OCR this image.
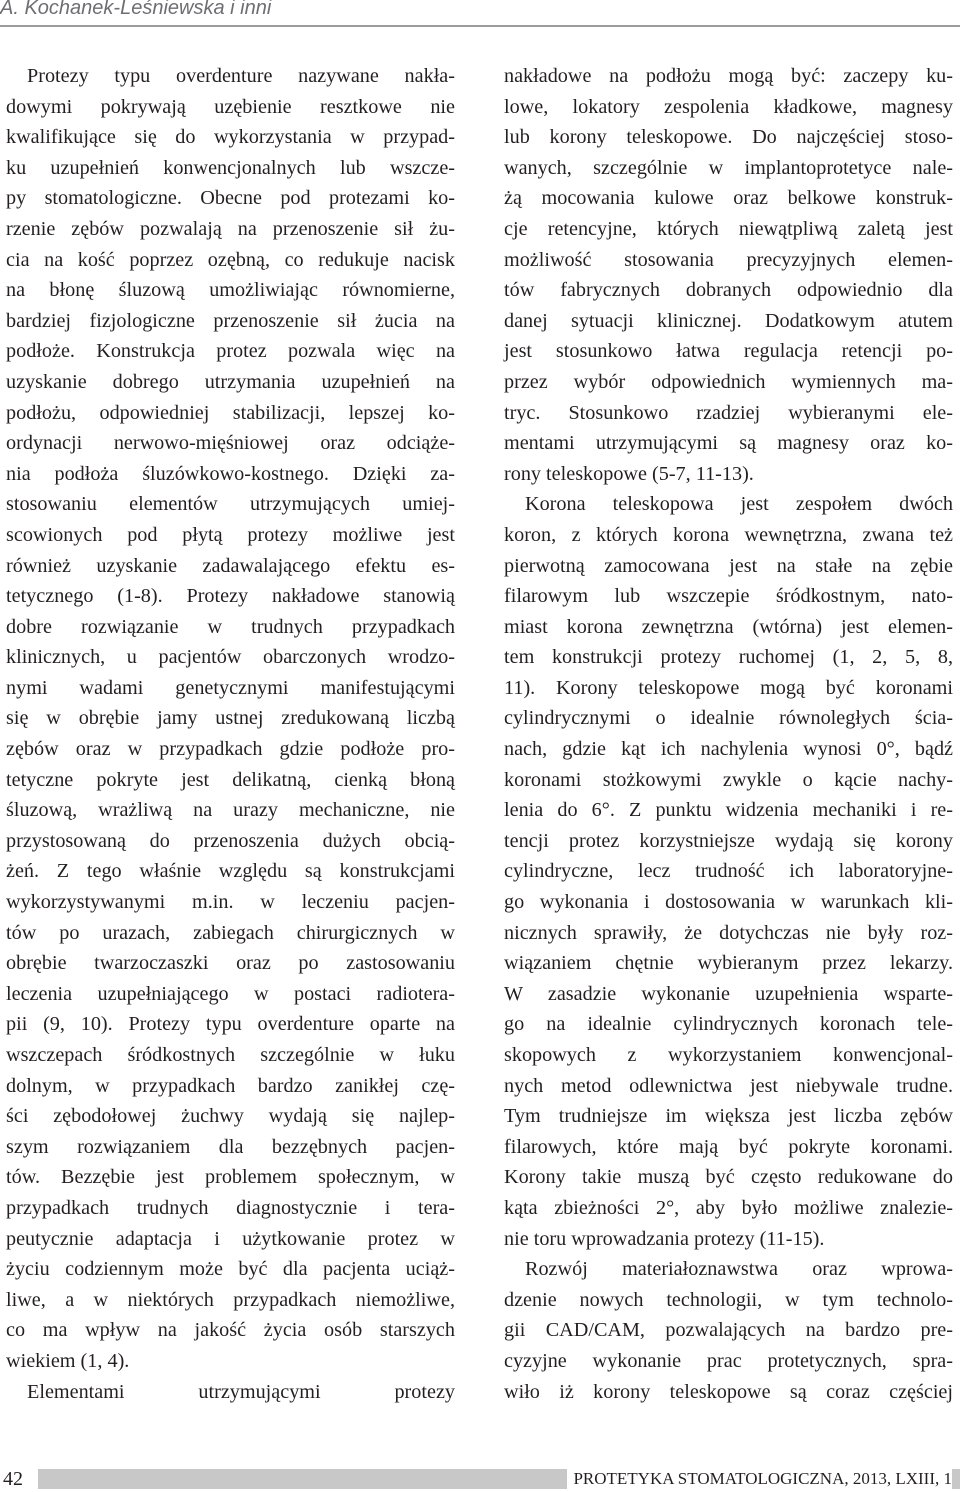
A. Kochanek-Leśniewska i inni
Protezy typu overdenture nazywane nakła-
dowymi pokrywają uzębienie resztkowe nie
kwalifikujące się do wykorzystania w przypad-
ku uzupełnień konwencjonalnych lub wszcze-
py stomatologiczne. Obecne pod protezami ko-
rzenie zębów pozwalają na przenoszenie sił żu-
cia na kość poprzez ozębną, co redukuje nacisk
na błonę śluzową umożliwiając równomierne,
bardziej fizjologiczne przenoszenie sił żucia na
podłoże. Konstrukcja protez pozwala więc na
uzyskanie dobrego utrzymania uzupełnień na
podłożu, odpowiedniej stabilizacji, lepszej ko-
ordynacji nerwowo-mięśniowej oraz odciąże-
nia podłoża śluzówkowo-kostnego. Dzięki za-
stosowaniu elementów utrzymujących umiej-
scowionych pod płytą protezy możliwe jest
również uzyskanie zadawalającego efektu es-
tetycznego (1-8). Protezy nakładowe stanowią
dobre rozwiązanie w trudnych przypadkach
klinicznych, u pacjentów obarczonych wrodzo-
nymi wadami genetycznymi manifestującymi
się w obrębie jamy ustnej zredukowaną liczbą
zębów oraz w przypadkach gdzie podłoże pro-
tetyczne pokryte jest delikatną, cienką błoną
śluzową, wrażliwą na urazy mechaniczne, nie
przystosowaną do przenoszenia dużych obcią-
żeń. Z tego właśnie względu są konstrukcjami
wykorzystywanymi m.in. w leczeniu pacjen-
tów po urazach, zabiegach chirurgicznych w
obrębie twarzoczaszki oraz po zastosowaniu
leczenia uzupełniającego w postaci radiotera-
pii (9, 10). Protezy typu overdenture oparte na
wszczepach śródkostnych szczególnie w łuku
dolnym, w przypadkach bardzo zanikłej czę-
ści zębodołowej żuchwy wydają się najlep-
szym rozwiązaniem dla bezzębnych pacjen-
tów. Bezzębie jest problemem społecznym, w
przypadkach trudnych diagnostycznie i tera-
peutycznie adaptacja i użytkowanie protez w
życiu codziennym może być dla pacjenta uciąż-
liwe, a w niektórych przypadkach niemożliwe,
co ma wpływ na jakość życia osób starszych
wiekiem (1, 4).
Elementami utrzymującymi protezy
nakładowe na podłożu mogą być: zaczepy ku-
lowe, lokatory zespolenia kładkowe, magnesy
lub korony teleskopowe. Do najczęściej stoso-
wanych, szczególnie w implantoprotetyce nale-
żą mocowania kulowe oraz belkowe konstruk-
cje retencyjne, których niewątpliwą zaletą jest
możliwość stosowania precyzyjnych elemen-
tów fabrycznych dobranych odpowiednio dla
danej sytuacji klinicznej. Dodatkowym atutem
jest stosunkowo łatwa regulacja retencji po-
przez wybór odpowiednich wymiennych ma-
tryc. Stosunkowo rzadziej wybieranymi ele-
mentami utrzymującymi są magnesy oraz ko-
rony teleskopowe (5-7, 11-13).
Korona teleskopowa jest zespołem dwóch
koron, z których korona wewnętrzna, zwana też
pierwotną zamocowana jest na stałe na zębie
filarowym lub wszczepie śródkostnym, nato-
miast korona zewnętrzna (wtórna) jest elemen-
tem konstrukcji protezy ruchomej (1, 2, 5, 8,
11). Korony teleskopowe mogą być koronami
cylindrycznymi o idealnie równoległych ścia-
nach, gdzie kąt ich nachylenia wynosi 0°, bądź
koronami stożkowymi zwykle o kącie nachy-
lenia do 6°. Z punktu widzenia mechaniki i re-
tencji protez korzystniejsze wydają się korony
cylindryczne, lecz trudność ich laboratoryjne-
go wykonania i dostosowania w warunkach kli-
nicznych sprawiły, że dotychczas nie były roz-
wiązaniem chętnie wybieranym przez lekarzy.
W zasadzie wykonanie uzupełnienia wsparte-
go na idealnie cylindrycznych koronach tele-
skopowych z wykorzystaniem konwencjonal-
nych metod odlewnictwa jest niebywale trudne.
Tym trudniejsze im większa jest liczba zębów
filarowych, które mają być pokryte koronami.
Korony takie muszą być często redukowane do
kąta zbieżności 2°, aby było możliwe znalezie-
nie toru wprowadzania protezy (11-15).
Rozwój materiałoznawstwa oraz wprowa-
dzenie nowych technologii, w tym technolo-
gii CAD/CAM, pozwalających na bardzo pre-
cyzyjne wykonanie prac protetycznych, spra-
wiło iż korony teleskopowe są coraz częściej
42	PROTETYKA STOMATOLOGICZNA, 2013, LXIII, 1
